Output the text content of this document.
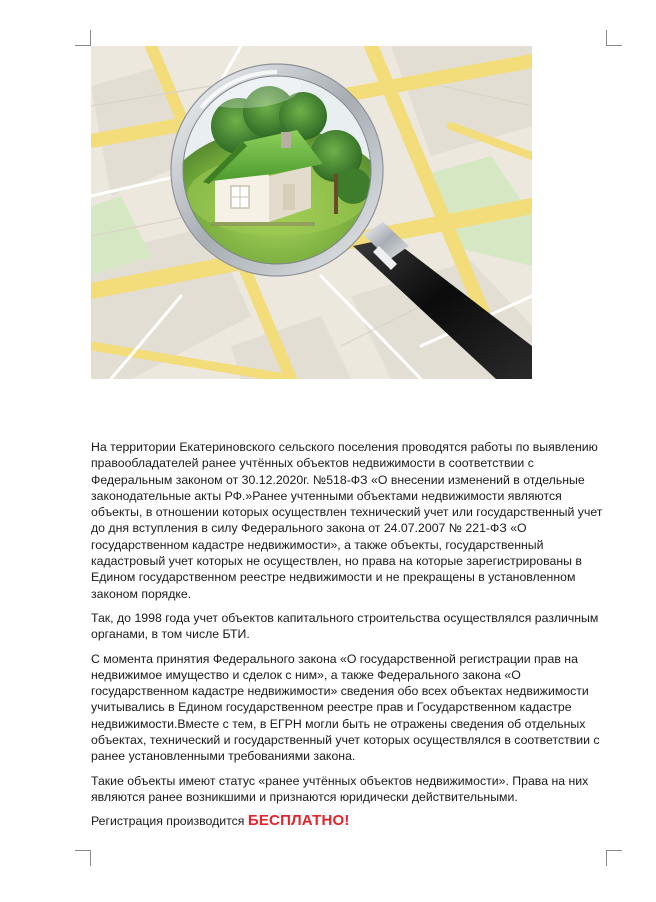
На территории Екатериновского сельского поселения проводятся работы по выявлению правообладателей ранее учтённых объектов недвижимости в соответствии с Федеральным законом от 30.12.2020г. №518-ФЗ «О внесении изменений в отдельные законодательные акты РФ.»Ранее учтенными объектами недвижимости являются объекты, в отношении которых осуществлен технический учет или государственный учет до дня вступления в силу Федерального закона от 24.07.2007 № 221-ФЗ «О государственном кадастре недвижимости», а также объекты, государственный кадастровый учет которых не осуществлен, но права на которые зарегистрированы в Едином государственном реестре недвижимости и не прекращены в установленном законом порядке.

Так, до 1998 года учет объектов капитального строительства осуществлялся различным органами, в том числе БТИ.

С момента принятия Федерального закона «О государственной регистрации прав на недвижимое имущество и сделок с ним», а также Федерального закона «О государственном кадастре недвижимости» сведения обо всех объектах недвижимости учитывались в Едином государственном реестре прав и Государственном кадастре недвижимости.Вместе с тем, в ЕГРН могли быть не отражены сведения об отдельных объектах, технический и государственный учет которых осуществлялся в соответствии с ранее установленными требованиями закона.

Такие объекты имеют статус «ранее учтённых объектов недвижимости». Права на них являются ранее возникшими и признаются юридически действительными.

Регистрация производится БЕСПЛАТНО!
